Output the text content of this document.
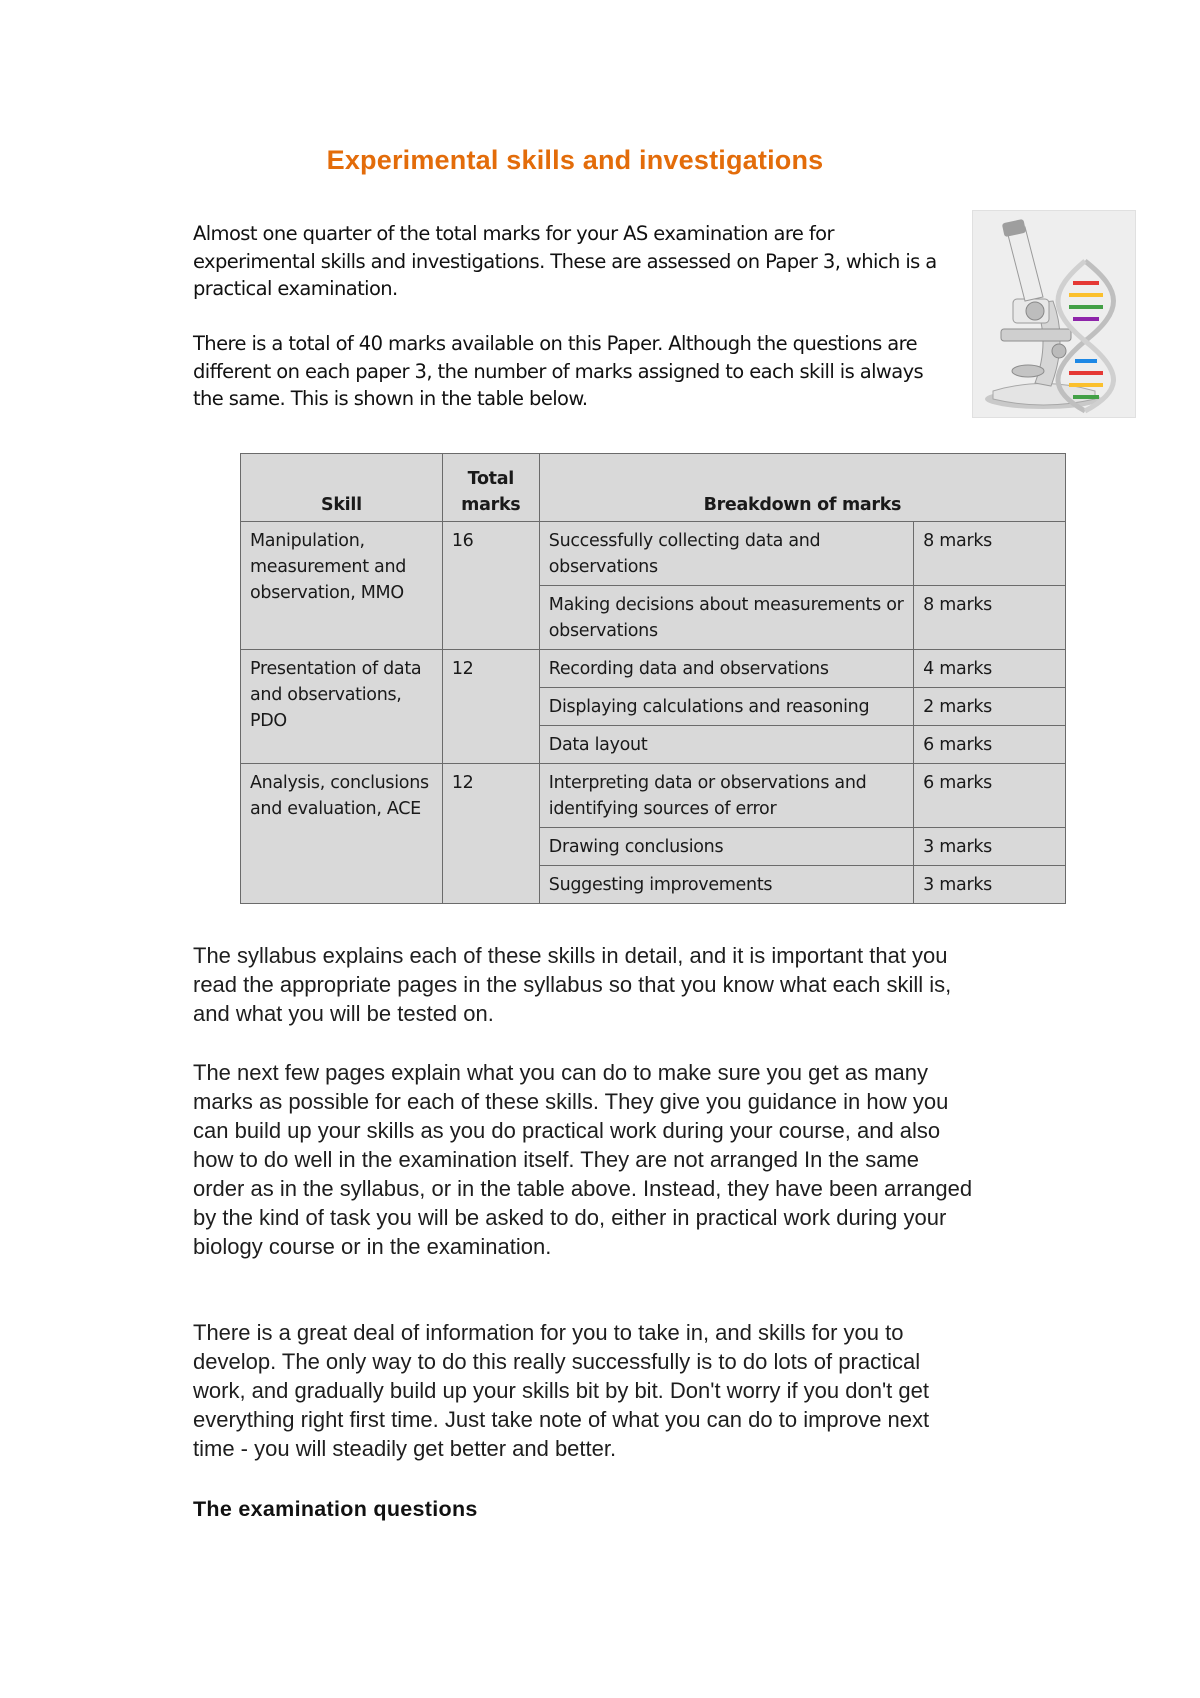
Experimental skills and investigations

Almost one quarter of the total marks for your AS examination are for experimental skills and investigations. These are assessed on Paper 3, which is a practical examination.

There is a total of 40 marks available on this Paper. Although the questions are different on each paper 3, the number of marks assigned to each skill is always the same. This is shown in the table below.

Skill	Total marks	Breakdown of marks	
Manipulation, measurement and observation, MMO	16	Successfully collecting data and observations	8 marks
		Making decisions about measurements or observations	8 marks
Presentation of data and observations, PDO	12	Recording data and observations	4 marks
		Displaying calculations and reasoning	2 marks
		Data layout	6 marks
Analysis, conclusions and evaluation, ACE	12	Interpreting data or observations and identifying sources of error	6 marks
		Drawing conclusions	3 marks
		Suggesting improvements	3 marks

The syllabus explains each of these skills in detail, and it is important that you read the appropriate pages in the syllabus so that you know what each skill is, and what you will be tested on.

The next few pages explain what you can do to make sure you get as many marks as possible for each of these skills. They give you guidance in how you can build up your skills as you do practical work during your course, and also how to do well in the examination itself. They are not arranged In the same order as in the syllabus, or in the table above. Instead, they have been arranged by the kind of task you will be asked to do, either in practical work during your biology course or in the examination.

There is a great deal of information for you to take in, and skills for you to develop. The only way to do this really successfully is to do lots of practical work, and gradually build up your skills bit by bit. Don't worry if you don't get everything right first time. Just take note of what you can do to improve next time - you will steadily get better and better.

The examination questions
